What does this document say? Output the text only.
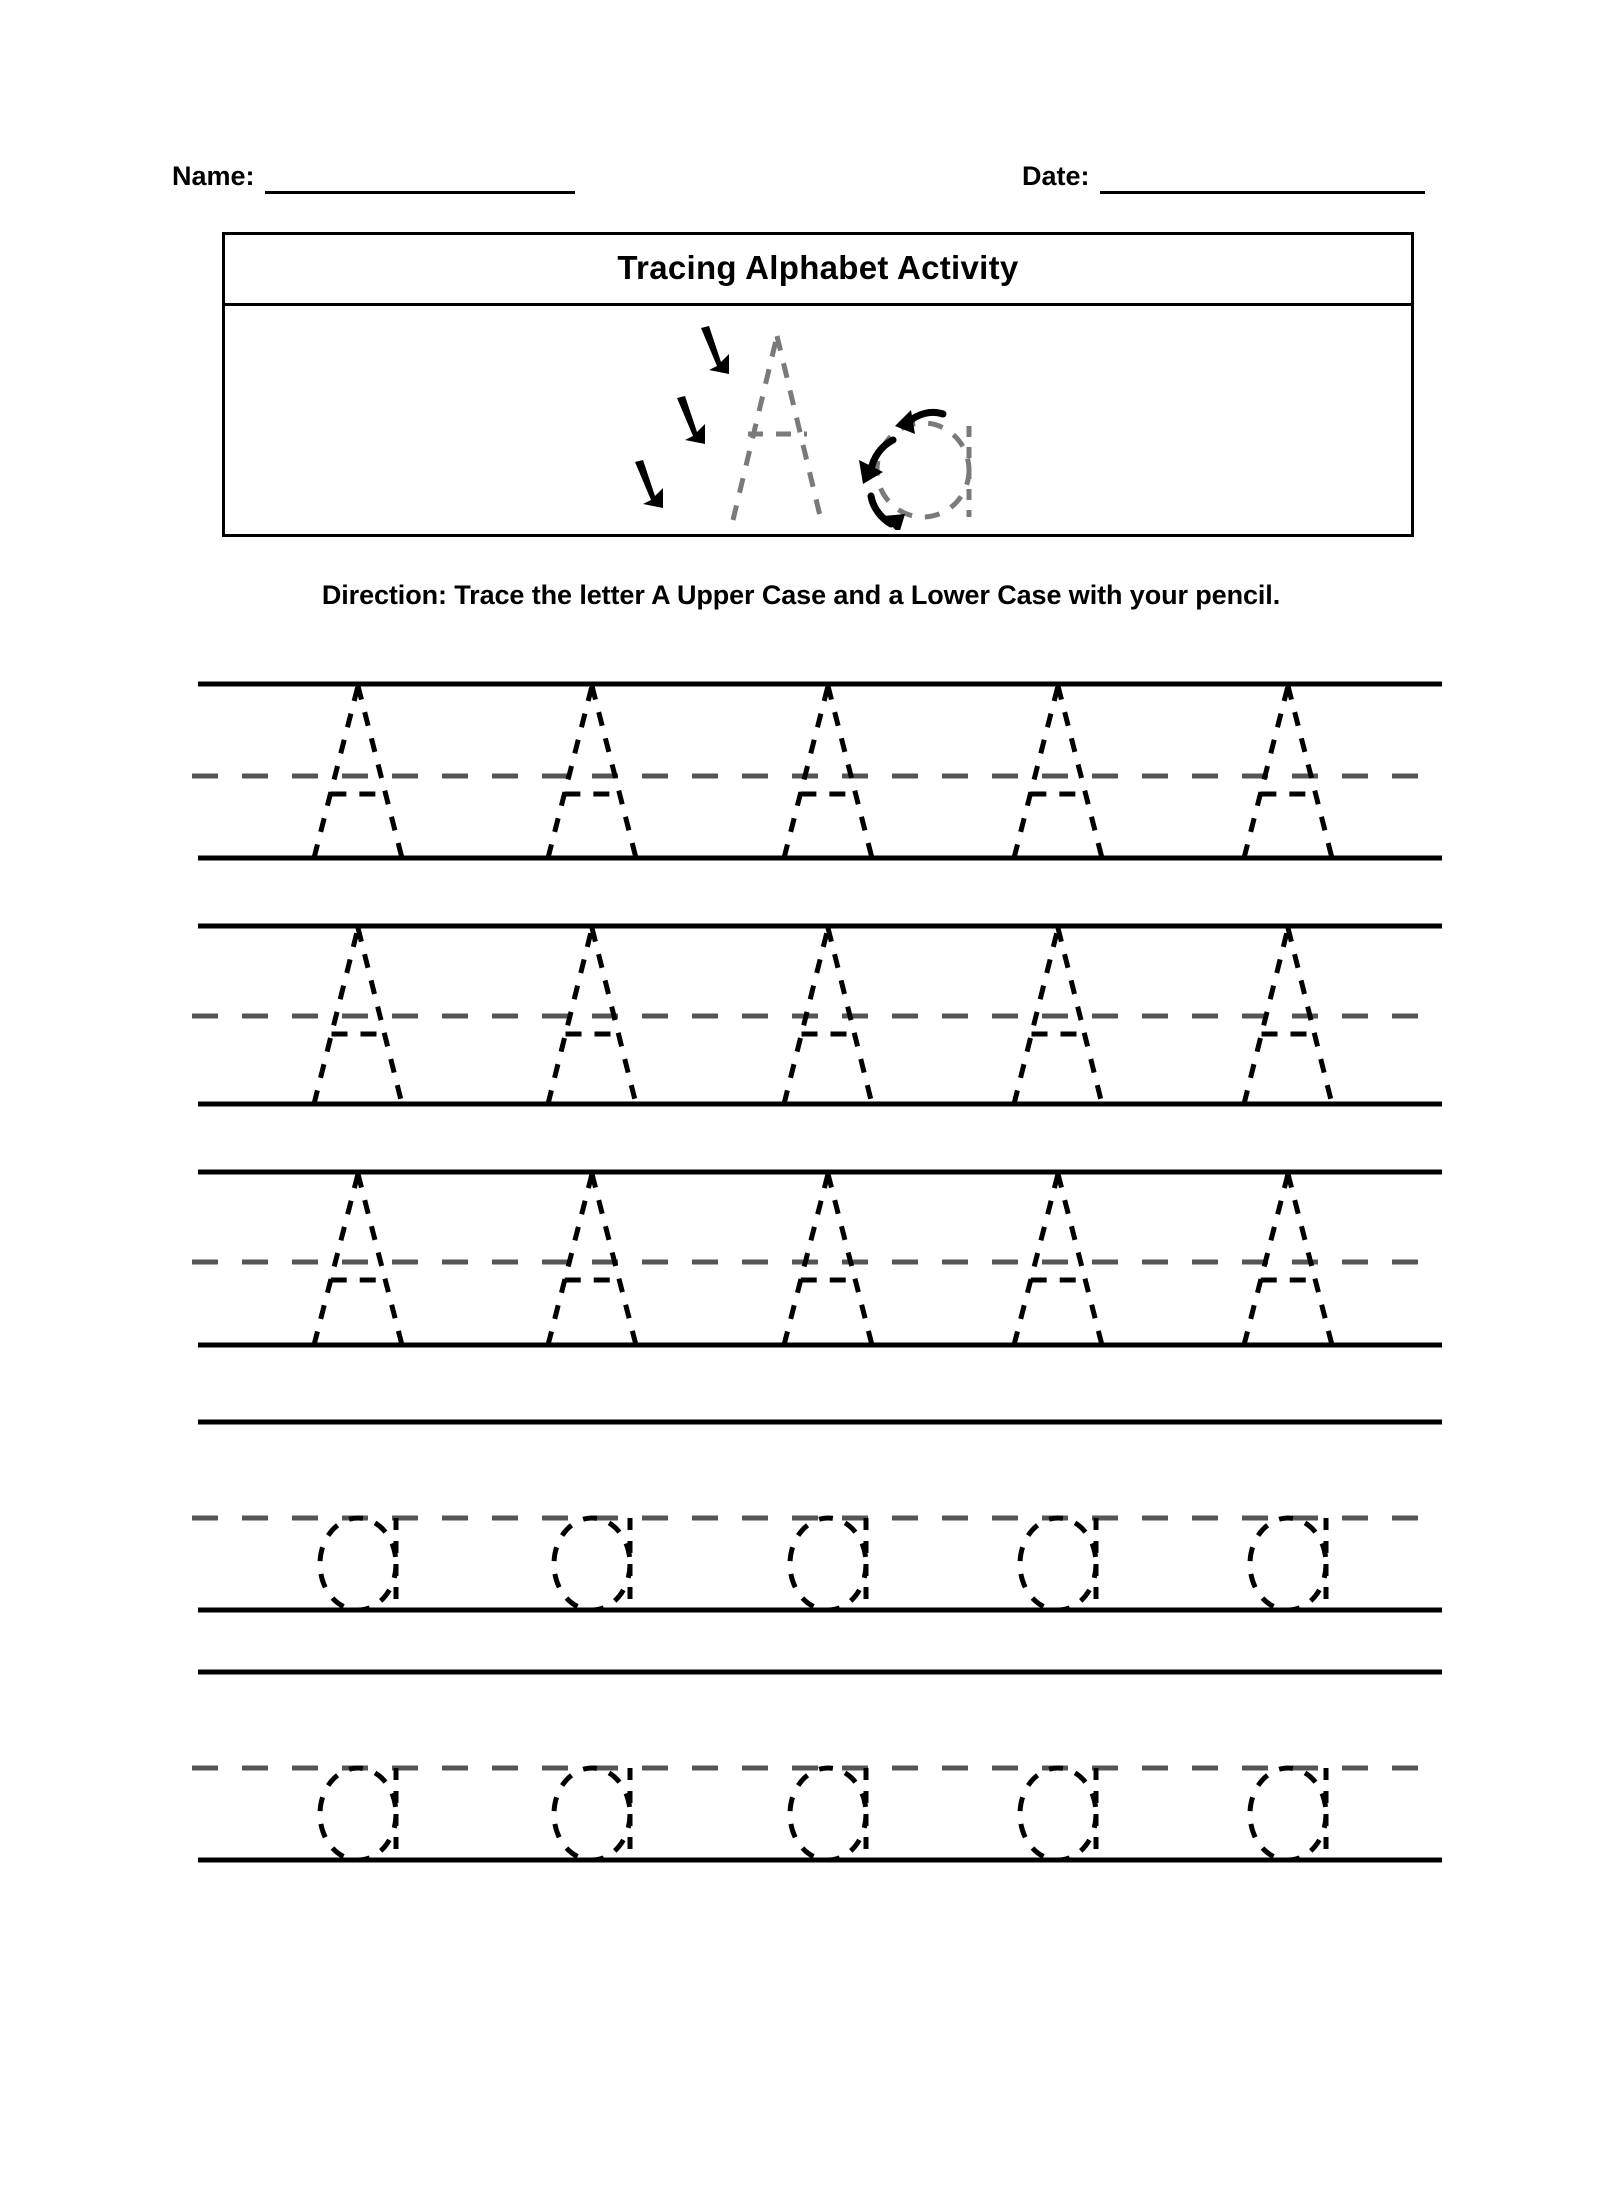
Name:	Date:
Tracing Alphabet Activity
Direction: Trace the letter A Upper Case and a Lower Case with your pencil.
